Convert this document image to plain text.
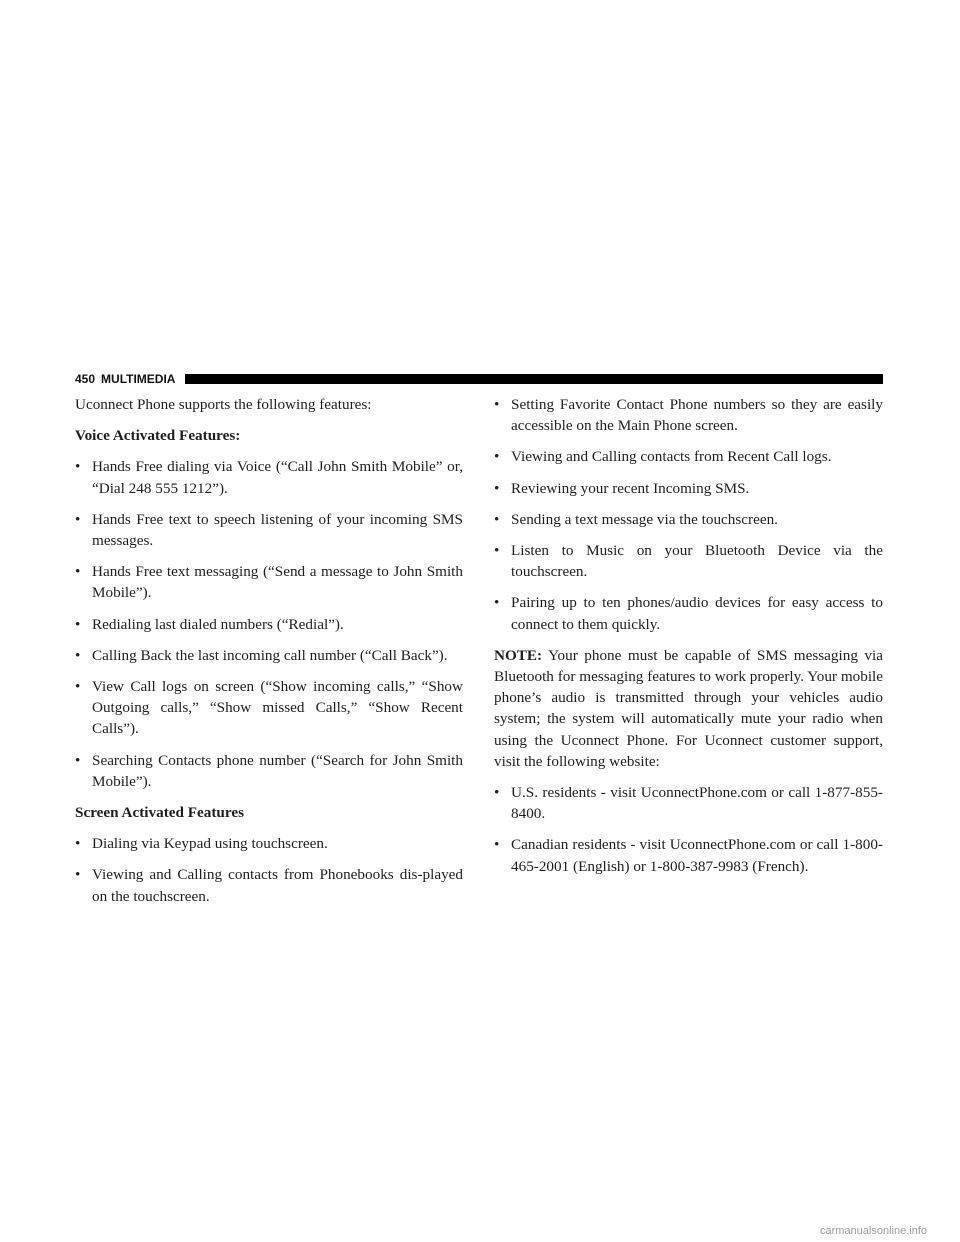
450 MULTIMEDIA

Uconnect Phone supports the following features:

Voice Activated Features:

• Hands Free dialing via Voice (“Call John Smith Mobile” or, “Dial 248 555 1212”).
• Hands Free text to speech listening of your incoming SMS messages.
• Hands Free text messaging (“Send a message to John Smith Mobile”).
• Redialing last dialed numbers (“Redial”).
• Calling Back the last incoming call number (“Call Back”).
• View Call logs on screen (“Show incoming calls,” “Show Outgoing calls,” “Show missed Calls,” “Show Recent Calls”).
• Searching Contacts phone number (“Search for John Smith Mobile”).

Screen Activated Features

• Dialing via Keypad using touchscreen.
• Viewing and Calling contacts from Phonebooks dis-played on the touchscreen.
• Setting Favorite Contact Phone numbers so they are easily accessible on the Main Phone screen.
• Viewing and Calling contacts from Recent Call logs.
• Reviewing your recent Incoming SMS.
• Sending a text message via the touchscreen.
• Listen to Music on your Bluetooth Device via the touchscreen.
• Pairing up to ten phones/audio devices for easy access to connect to them quickly.

NOTE: Your phone must be capable of SMS messaging via Bluetooth for messaging features to work properly. Your mobile phone’s audio is transmitted through your vehicles audio system; the system will automatically mute your radio when using the Uconnect Phone. For Uconnect customer support, visit the following website:

• U.S. residents - visit UconnectPhone.com or call 1-877-855-8400.
• Canadian residents - visit UconnectPhone.com or call 1-800-465-2001 (English) or 1-800-387-9983 (French).
carmanualsonline.info
